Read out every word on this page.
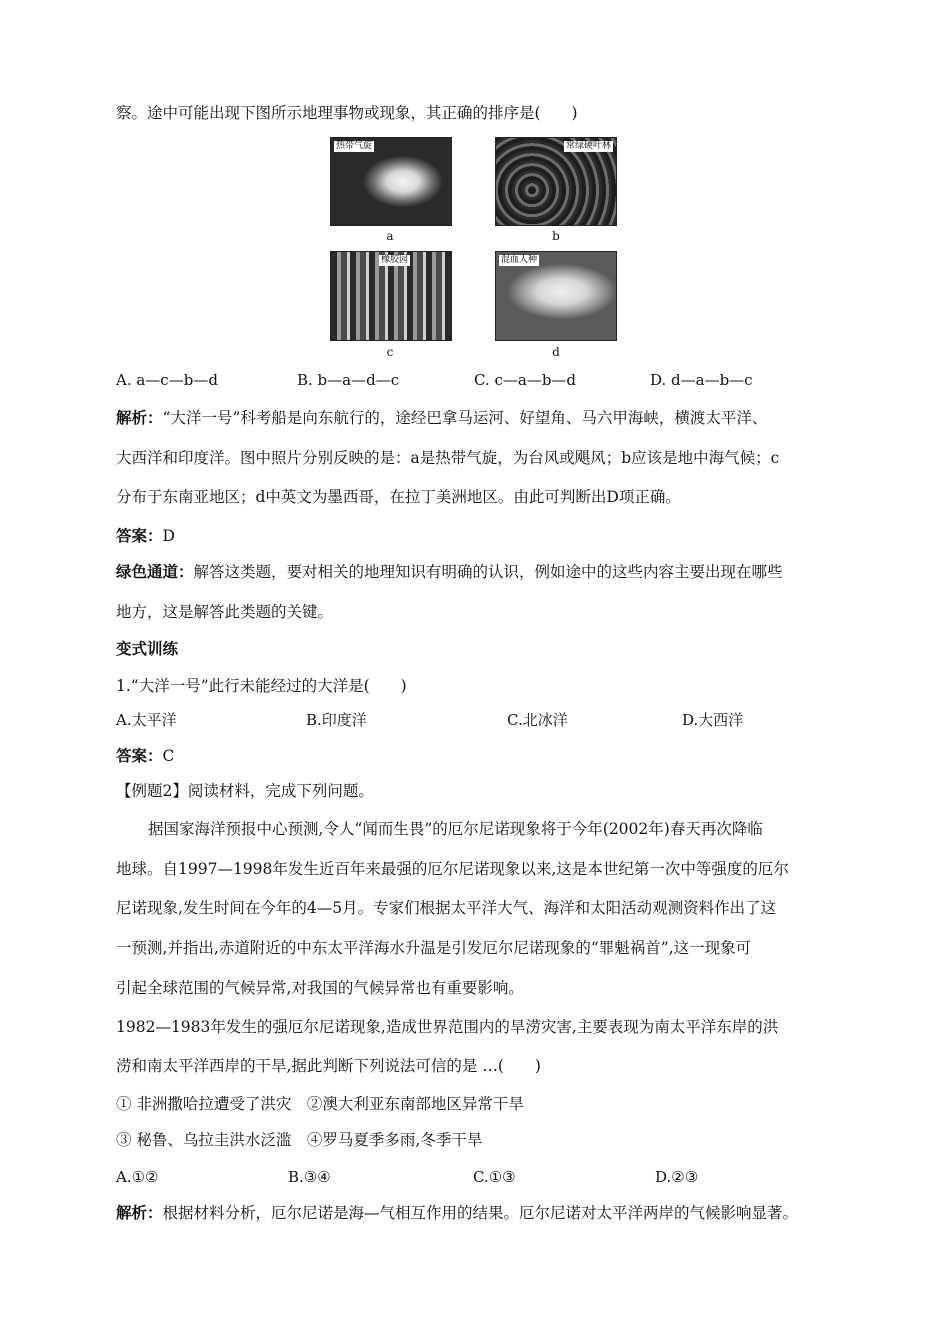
察。途中可能出现下图所示地理事物或现象，其正确的排序是(　　)
热带气旋
a
常绿硬叶林
b
橡胶园
c
混血人种
d
A. a—c—b—d	B. b—a—d—c	C. c—a—b—d	D. d—a—b—c
解析：“大洋一号”科考船是向东航行的，途经巴拿马运河、好望角、马六甲海峡，横渡太平洋、
大西洋和印度洋。图中照片分别反映的是：a是热带气旋，为台风或飓风；b应该是地中海气候；c
分布于东南亚地区；d中英文为墨西哥，在拉丁美洲地区。由此可判断出D项正确。
答案：D
绿色通道：解答这类题，要对相关的地理知识有明确的认识，例如途中的这些内容主要出现在哪些
地方，这是解答此类题的关键。
变式训练
1.“大洋一号”此行未能经过的大洋是(　　)
A.太平洋	B.印度洋	C.北冰洋	D.大西洋
答案：C
【例题2】阅读材料，完成下列问题。
据国家海洋预报中心预测,令人“闻而生畏”的厄尔尼诺现象将于今年(2002年)春天再次降临
地球。自1997—1998年发生近百年来最强的厄尔尼诺现象以来,这是本世纪第一次中等强度的厄尔
尼诺现象,发生时间在今年的4—5月。专家们根据太平洋大气、海洋和太阳活动观测资料作出了这
一预测,并指出,赤道附近的中东太平洋海水升温是引发厄尔尼诺现象的“罪魁祸首”,这一现象可
引起全球范围的气候异常,对我国的气候异常也有重要影响。
1982—1983年发生的强厄尔尼诺现象,造成世界范围内的旱涝灾害,主要表现为南太平洋东岸的洪
涝和南太平洋西岸的干旱,据此判断下列说法可信的是 …(　　)
① 非洲撒哈拉遭受了洪灾　②澳大利亚东南部地区异常干旱
③ 秘鲁、乌拉圭洪水泛滥　④罗马夏季多雨,冬季干旱
A.①②	B.③④	C.①③	D.②③
解析：根据材料分析，厄尔尼诺是海—气相互作用的结果。厄尔尼诺对太平洋两岸的气候影响显著。
